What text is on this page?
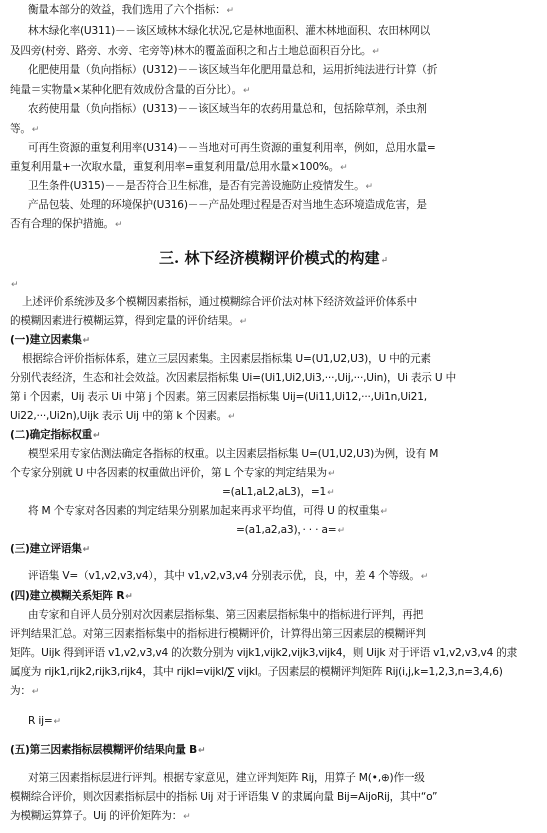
衡量本部分的效益，我们选用了六个指标：↵
林木绿化率(U311)－－该区域林木绿化状况,它是林地面积、灌木林地面积、农田林网以
及四旁(村旁、路旁、水旁、宅旁等)林木的覆盖面积之和占土地总面积百分比。↵
化肥使用量（负向指标）(U312)－－该区域当年化肥用量总和，运用折纯法进行计算（折
纯量＝实物量×某种化肥有效成份含量的百分比）。↵
农药使用量（负向指标）(U313)－－该区域当年的农药用量总和，包括除草剂，杀虫剂
等。↵
可再生资源的重复利用率(U314)－－当地对可再生资源的重复利用率，例如，总用水量=
重复利用量+一次取水量，重复利用率=重复利用量/总用水量×100%。↵
卫生条件(U315)－－是否符合卫生标准，是否有完善设施防止疫情发生。↵
产品包装、处理的环境保护(U316)－－产品处理过程是否对当地生态环境造成危害，是
否有合理的保护措施。↵
三. 林下经济模糊评价模式的构建↵
↵
上述评价系统涉及多个模糊因素指标，通过模糊综合评价法对林下经济效益评价体系中
的模糊因素进行模糊运算，得到定量的评价结果。↵
(一)建立因素集↵
根据综合评价指标体系，建立三层因素集。主因素层指标集 U=(U1,U2,U3)，U 中的元素
分别代表经济，生态和社会效益。次因素层指标集 Ui=(Ui1,Ui2,Ui3,···,Uij,···,Uin)，Ui 表示 U 中
第 i 个因素，Uij 表示 Ui 中第 j 个因素。第三因素层指标集 Uij=(Ui11,Ui12,···,Ui1n,Ui21,
Ui22,···,Ui2n),Uijk 表示 Uij 中的第 k 个因素。↵
(二)确定指标权重↵
模型采用专家估测法确定各指标的权重。以主因素层指标集 U=(U1,U2,U3)为例，设有 M
个专家分别就 U 中各因素的权重做出评价，第 L 个专家的判定结果为↵
=(aL1,aL2,aL3)，=1↵
将 M 个专家对各因素的判定结果分别累加起来再求平均值，可得 U 的权重集↵
=(a1,a2,a3)，· · · a=↵
(三)建立评语集↵
评语集 V=（v1,v2,v3,v4），其中 v1,v2,v3,v4 分别表示优，良，中，差 4 个等级。↵
(四)建立模糊关系矩阵 R↵
由专家和自评人员分别对次因素层指标集、第三因素层指标集中的指标进行评判，再把
评判结果汇总。对第三因素指标集中的指标进行模糊评价，计算得出第三因素层的模糊评判
矩阵。Uijk 得到评语 v1,v2,v3,v4 的次数分别为 vijk1,vijk2,vijk3,vijk4，则 Uijk 对于评语 v1,v2,v3,v4 的隶
属度为 rijk1,rijk2,rijk3,rijk4，其中 rijkl=vijkl/∑ vijkl。子因素层的模糊评判矩阵 Rij(i,j,k=1,2,3,n=3,4,6)
为：↵
R ij=↵
(五)第三因素指标层模糊评价结果向量 B↵
对第三因素指标层进行评判。根据专家意见，建立评判矩阵 Rij，用算子 M(•,⊕)作一级
模糊综合评价，则次因素指标层中的指标 Uij 对于评语集 V 的隶属向量 Bij=AijoRij，其中“o”
为模糊运算算子。Uij 的评价矩阵为：↵
